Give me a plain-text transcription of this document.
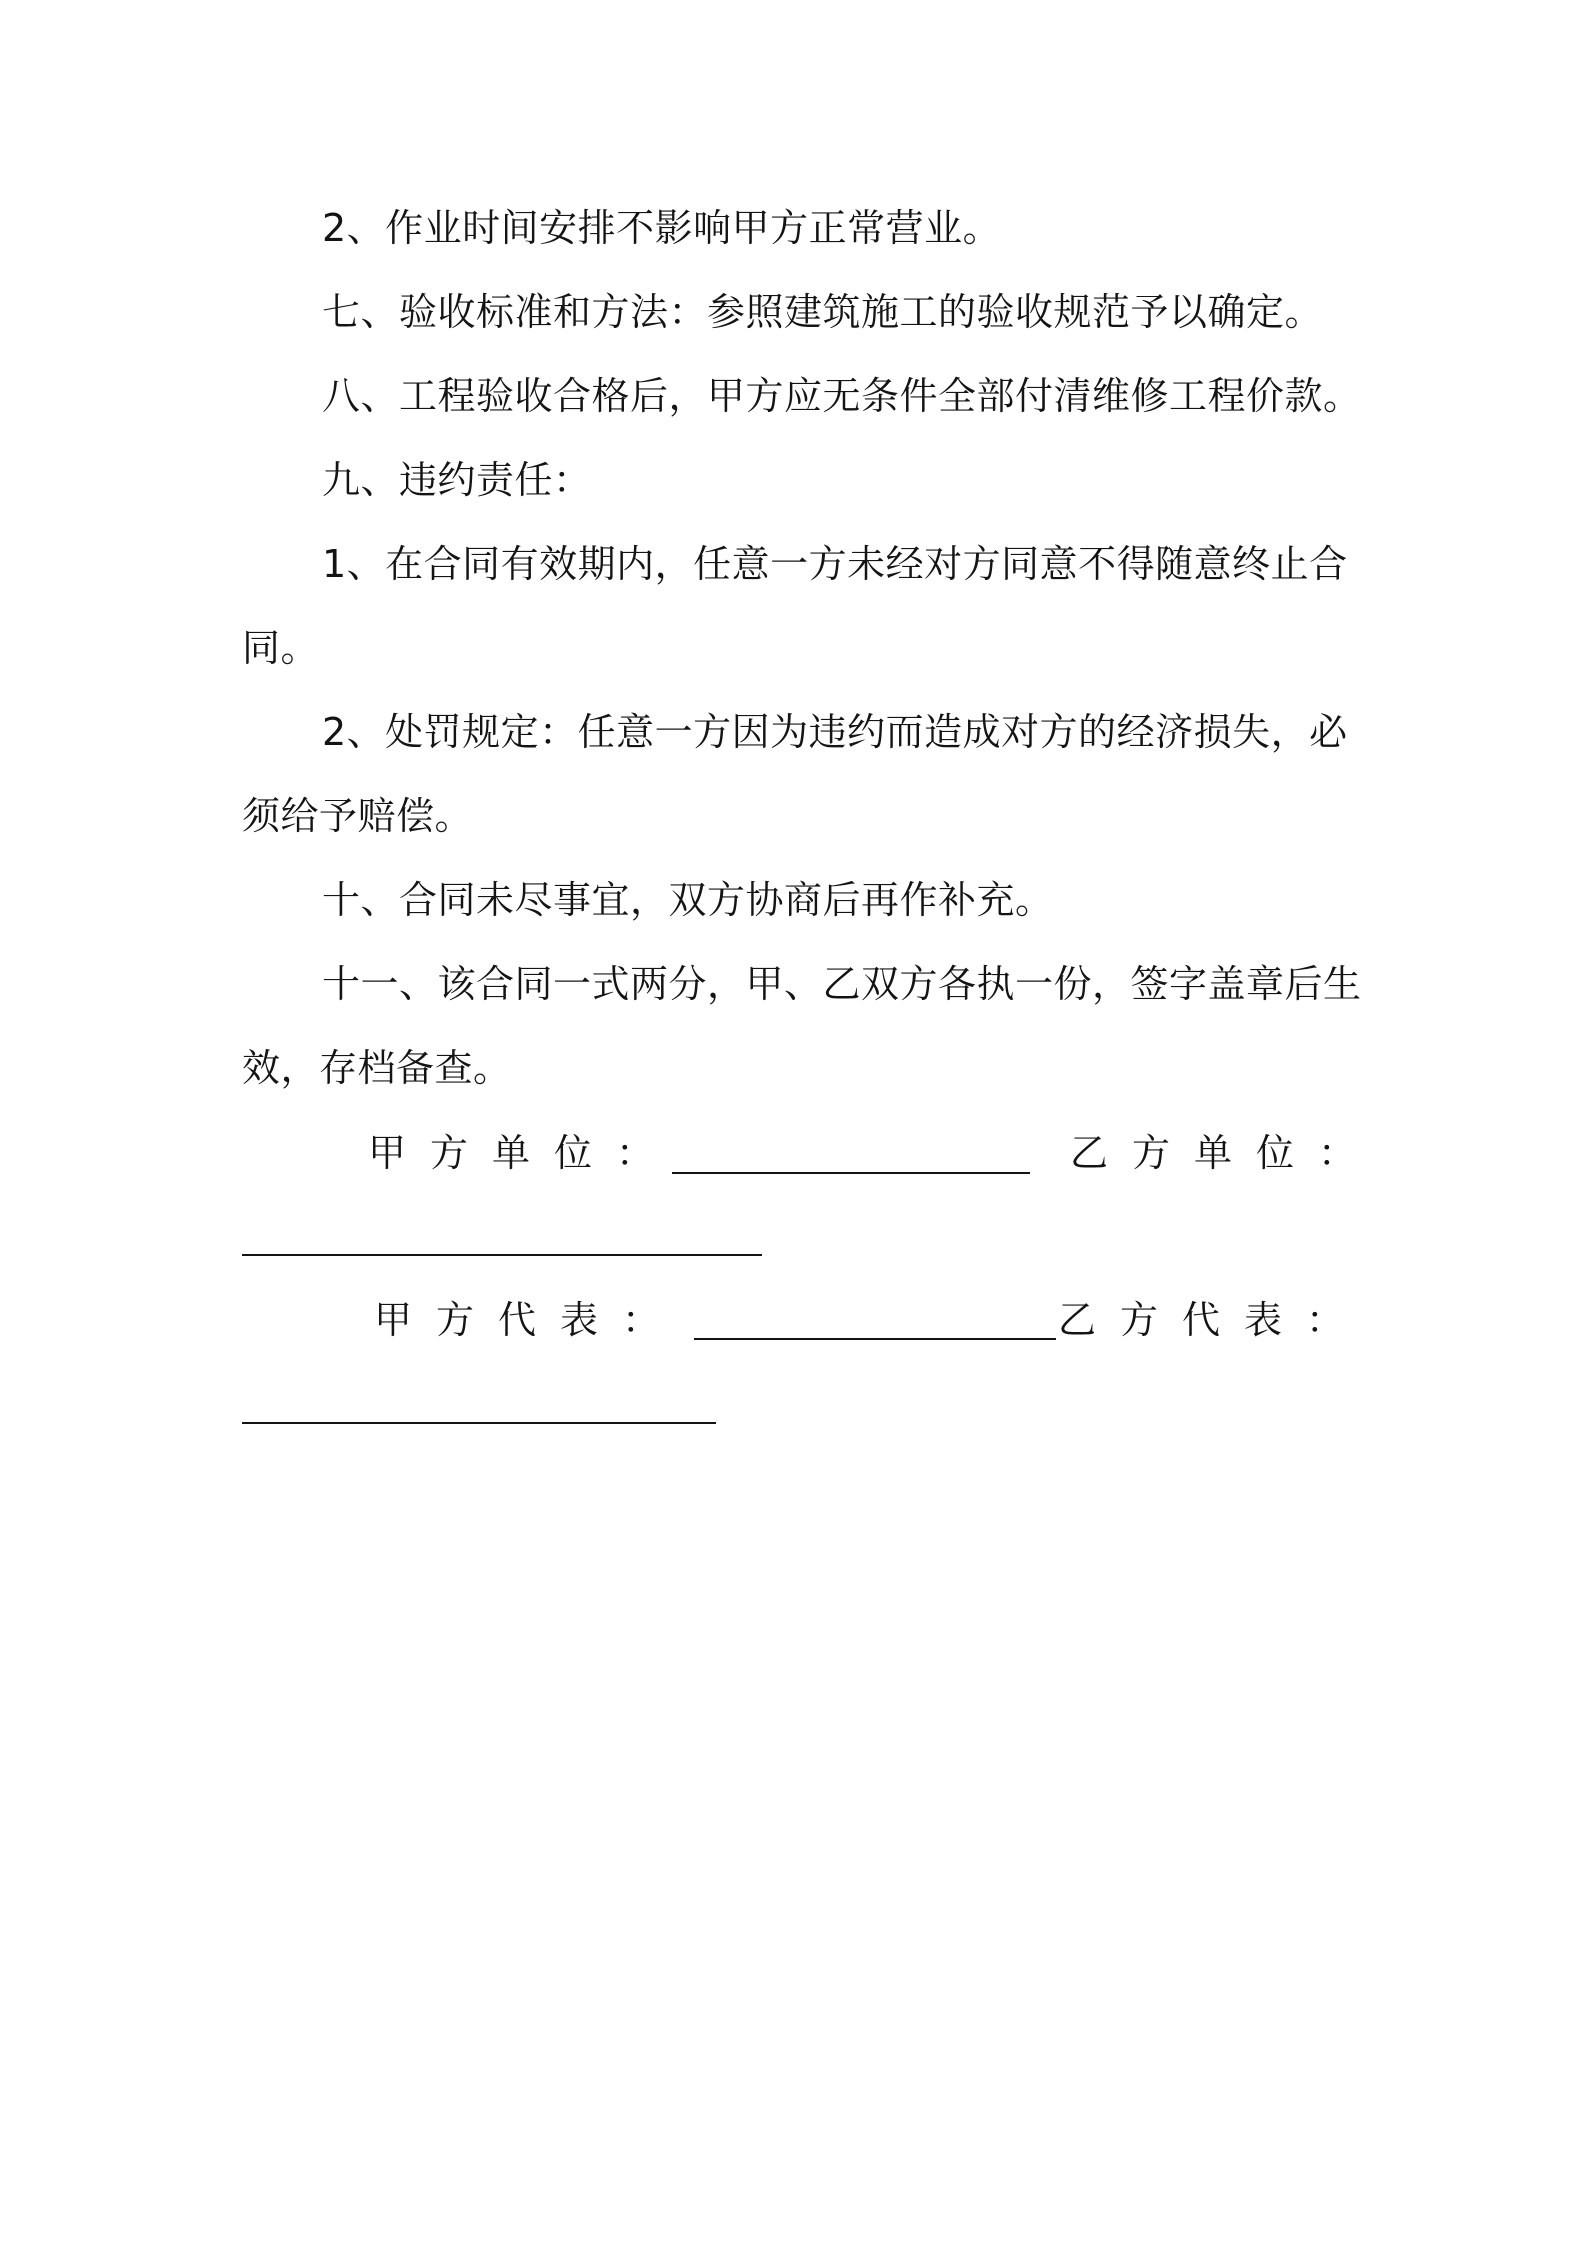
2、作业时间安排不影响甲方正常营业。

七、验收标准和方法：参照建筑施工的验收规范予以确定。

八、工程验收合格后，甲方应无条件全部付清维修工程价款。

九、违约责任：

1、在合同有效期内，任意一方未经对方同意不得随意终止合同。

2、处罚规定：任意一方因为违约而造成对方的经济损失，必须给予赔偿。

十、合同未尽事宜，双方协商后再作补充。

十一、该合同一式两分，甲、乙双方各执一份，签字盖章后生效，存档备查。

甲方单位：	乙方单位：
甲方代表：	乙方代表：
